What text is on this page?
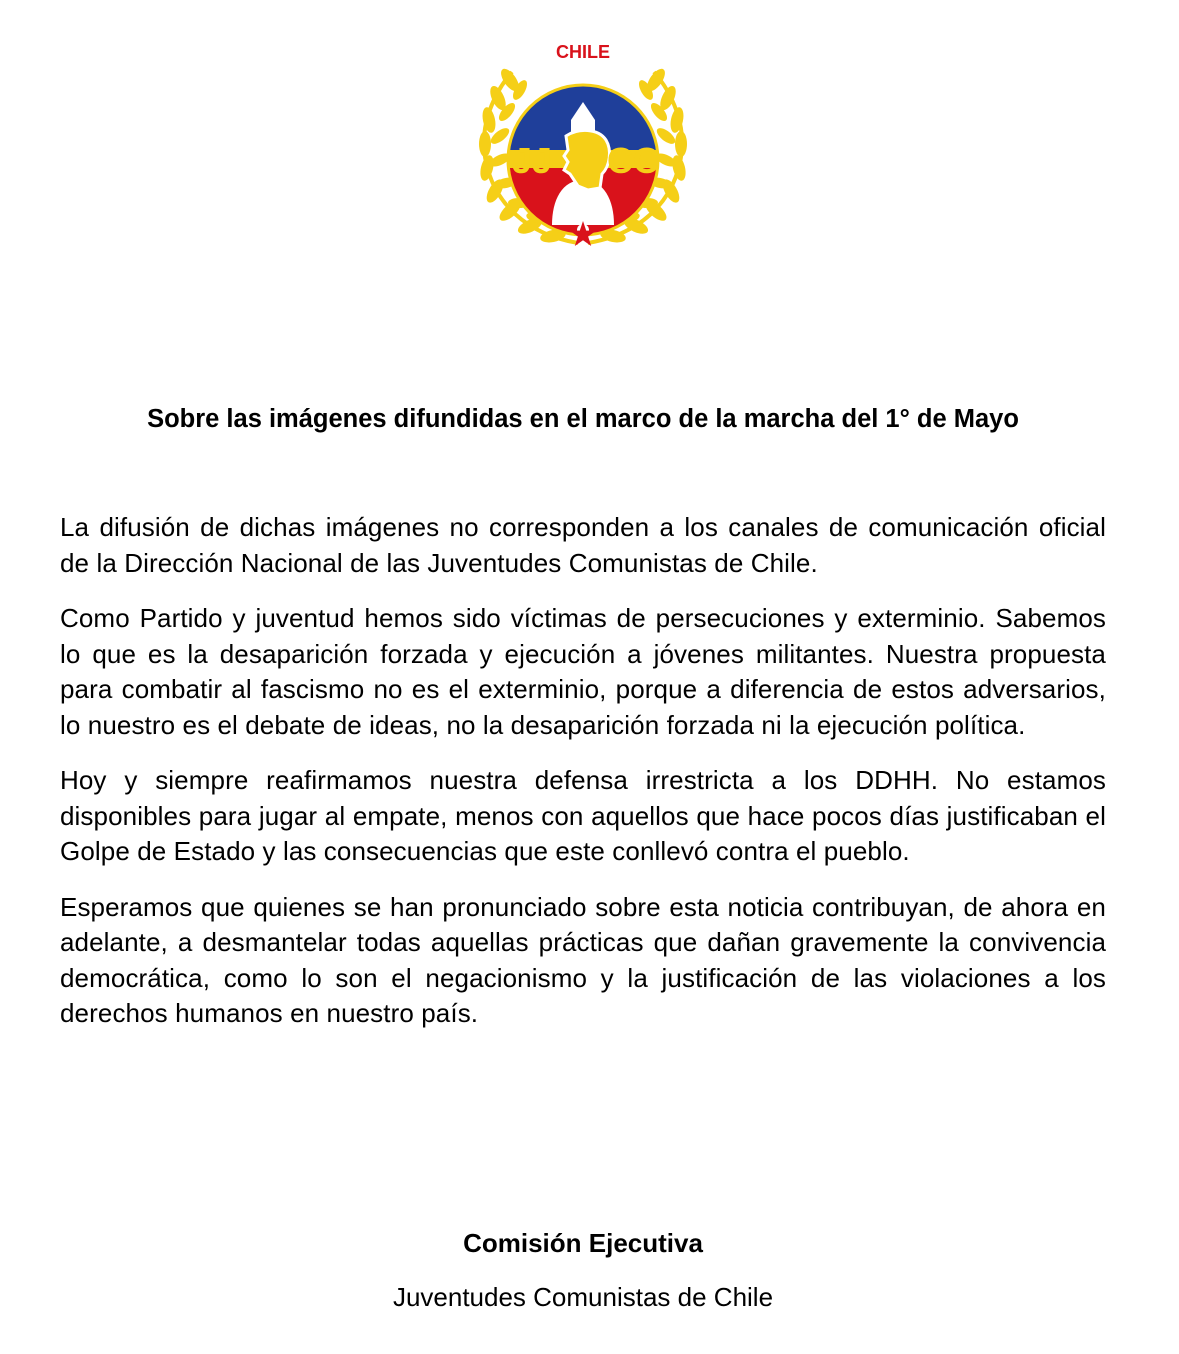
JJ CC
CHILE
Sobre las imágenes difundidas en el marco de la marcha del 1° de Mayo

La difusión de dichas imágenes no corresponden a los canales de comunicación oficial de la Dirección Nacional de las Juventudes Comunistas de Chile.

Como Partido y juventud hemos sido víctimas de persecuciones y exterminio. Sabemos lo que es la desaparición forzada y ejecución a jóvenes militantes. Nuestra propuesta para combatir al fascismo no es el exterminio, porque a diferencia de estos adversarios, lo nuestro es el debate de ideas, no la desaparición forzada ni la ejecución política.

Hoy y siempre reafirmamos nuestra defensa irrestricta a los DDHH. No estamos disponibles para jugar al empate, menos con aquellos que hace pocos días justificaban el Golpe de Estado y las consecuencias que este conllevó contra el pueblo.

Esperamos que quienes se han pronunciado sobre esta noticia contribuyan, de ahora en adelante, a desmantelar todas aquellas prácticas que dañan gravemente la convivencia democrática, como lo son el negacionismo y la justificación de las violaciones a los derechos humanos en nuestro país.

Comisión Ejecutiva
Juventudes Comunistas de Chile
